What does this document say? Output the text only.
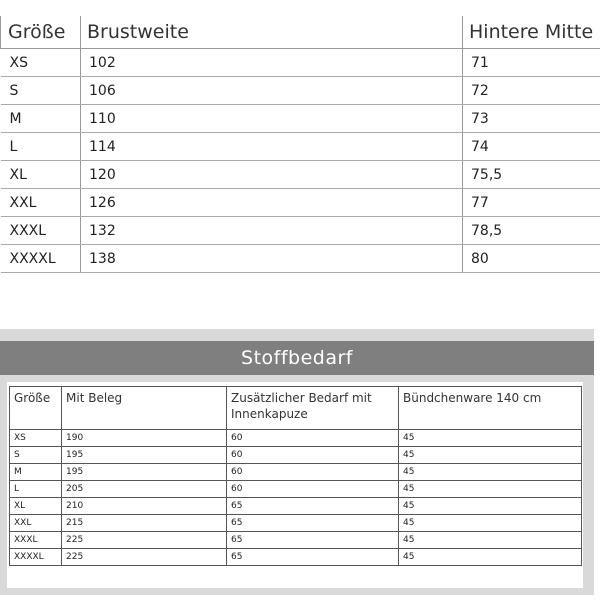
Größe	Brustweite	Hintere Mitte
XS	102	71
S	106	72
M	110	73
L	114	74
XL	120	75,5
XXL	126	77
XXXL	132	78,5
XXXXL	138	80
Stoffbedarf
Größe	Mit Beleg	Zusätzlicher Bedarf mit Innenkapuze	Bündchenware 140 cm
XS	190	60	45
S	195	60	45
M	195	60	45
L	205	60	45
XL	210	65	45
XXL	215	65	45
XXXL	225	65	45
XXXXL	225	65	45
